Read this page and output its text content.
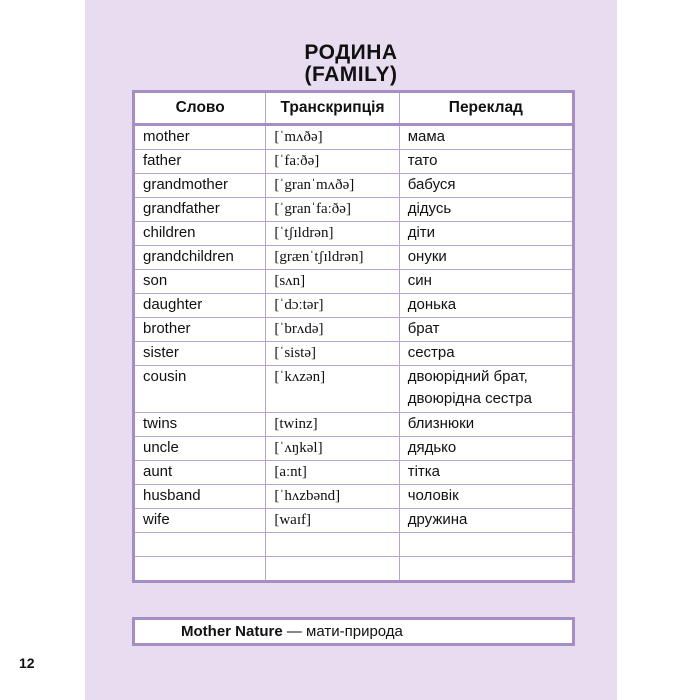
РОДИНА
(FAMILY)
Слово	Транскрипція	Переклад
mother	[ˈmʌðə]	мама
father	[ˈfaːðə]	тато
grandmother	[ˈgranˈmʌðə]	бабуся
grandfather	[ˈgranˈfaːðə]	дідусь
children	[ˈtʃɪldrən]	діти
grandchildren	[grænˈtʃɪldrən]	онуки
son	[sʌn]	син
daughter	[ˈdɔːtər]	донька
brother	[ˈbrʌdə]	брат
sister	[ˈsistə]	сестра
cousin	[ˈkʌzən]	двоюрідний брат,
двоюрідна сестра

twins	[twinz]	близнюки
uncle	[ˈʌŋkəl]	дядько
aunt	[aːnt]	тітка
husband	[ˈhʌzbənd]	чоловік
wife	[waɪf]	дружина

Mother Nature — мати-природа
12
